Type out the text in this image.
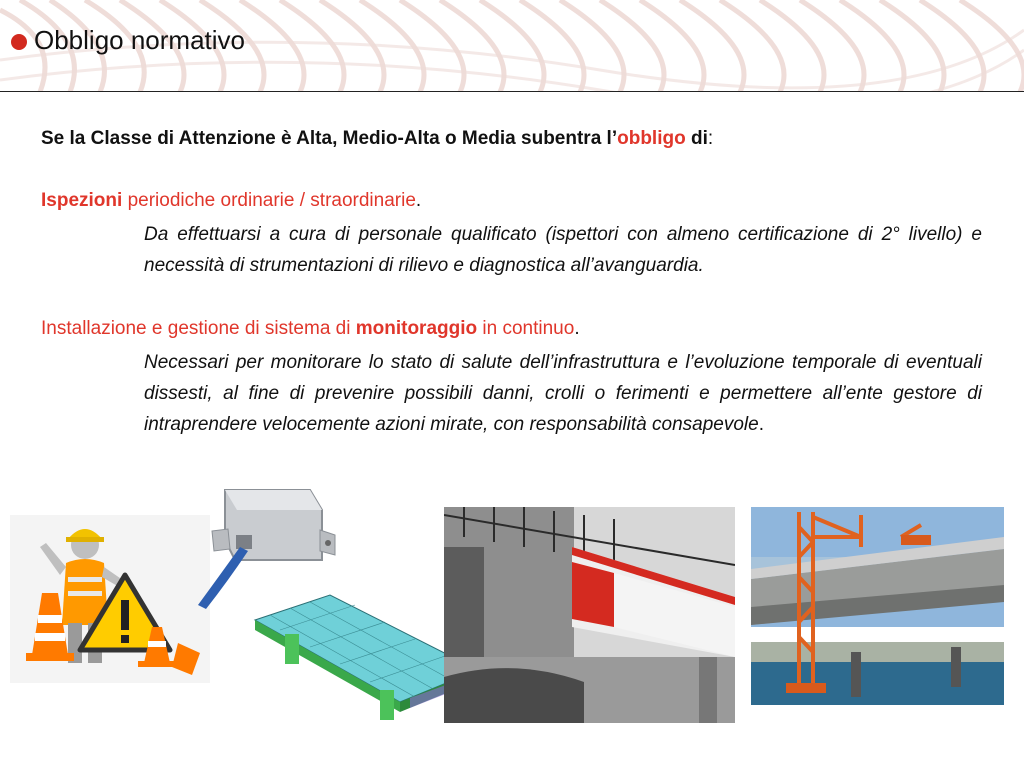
Obbligo normativo

Se la Classe di Attenzione è Alta, Medio-Alta o Media subentra l’obbligo di:

Ispezioni periodiche ordinarie / straordinarie.

Da effettuarsi a cura di personale qualificato (ispettori con almeno certificazione di 2° livello) e necessità di strumentazioni di rilievo e diagnostica all’avanguardia.

Installazione e gestione di sistema di monitoraggio in continuo.

Necessari per monitorare lo stato di salute dell’infrastruttura e l’evoluzione temporale di eventuali dissesti, al fine di prevenire possibili danni, crolli o ferimenti e permettere all’ente gestore di intraprendere velocemente azioni mirate, con responsabilità consapevole.
